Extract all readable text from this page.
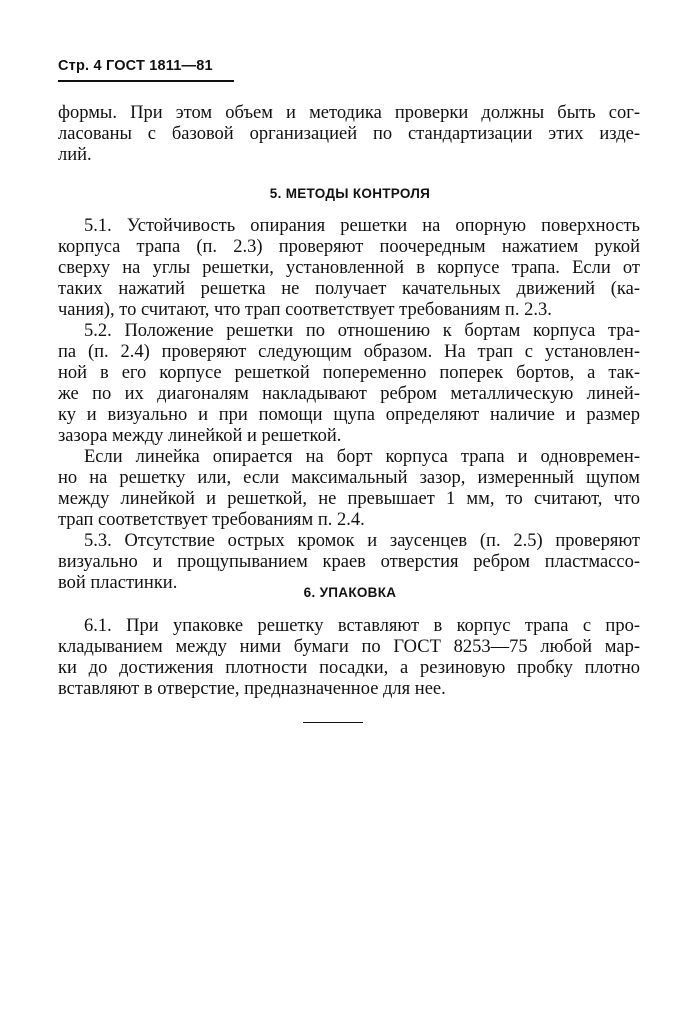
Стр. 4 ГОСТ 1811—81
формы. При этом объем и методика проверки должны быть сог-
ласованы с базовой организацией по стандартизации этих изде-
лий.
5. МЕТОДЫ КОНТРОЛЯ
5.1. Устойчивость опирания решетки на опорную поверхность
корпуса трапа (п. 2.3) проверяют поочередным нажатием рукой
сверху на углы решетки, установленной в корпусе трапа. Если от
таких нажатий решетка не получает качательных движений (ка-
чания), то считают, что трап соответствует требованиям п. 2.3.
5.2. Положение решетки по отношению к бортам корпуса тра-
па (п. 2.4) проверяют следующим образом. На трап с установлен-
ной в его корпусе решеткой попеременно поперек бортов, а так-
же по их диагоналям накладывают ребром металлическую линей-
ку и визуально и при помощи щупа определяют наличие и размер
зазора между линейкой и решеткой.
Если линейка опирается на борт корпуса трапа и одновремен-
но на решетку или, если максимальный зазор, измеренный щупом
между линейкой и решеткой, не превышает 1 мм, то считают, что
трап соответствует требованиям п. 2.4.
5.3. Отсутствие острых кромок и заусенцев (п. 2.5) проверяют
визуально и прощупыванием краев отверстия ребром пластмассо-
вой пластинки.	6. УПАКОВКА
6.1. При упаковке решетку вставляют в корпус трапа с про-
кладыванием между ними бумаги по ГОСТ 8253—75 любой мар-
ки до достижения плотности посадки, а резиновую пробку плотно
вставляют в отверстие, предназначенное для нее.
